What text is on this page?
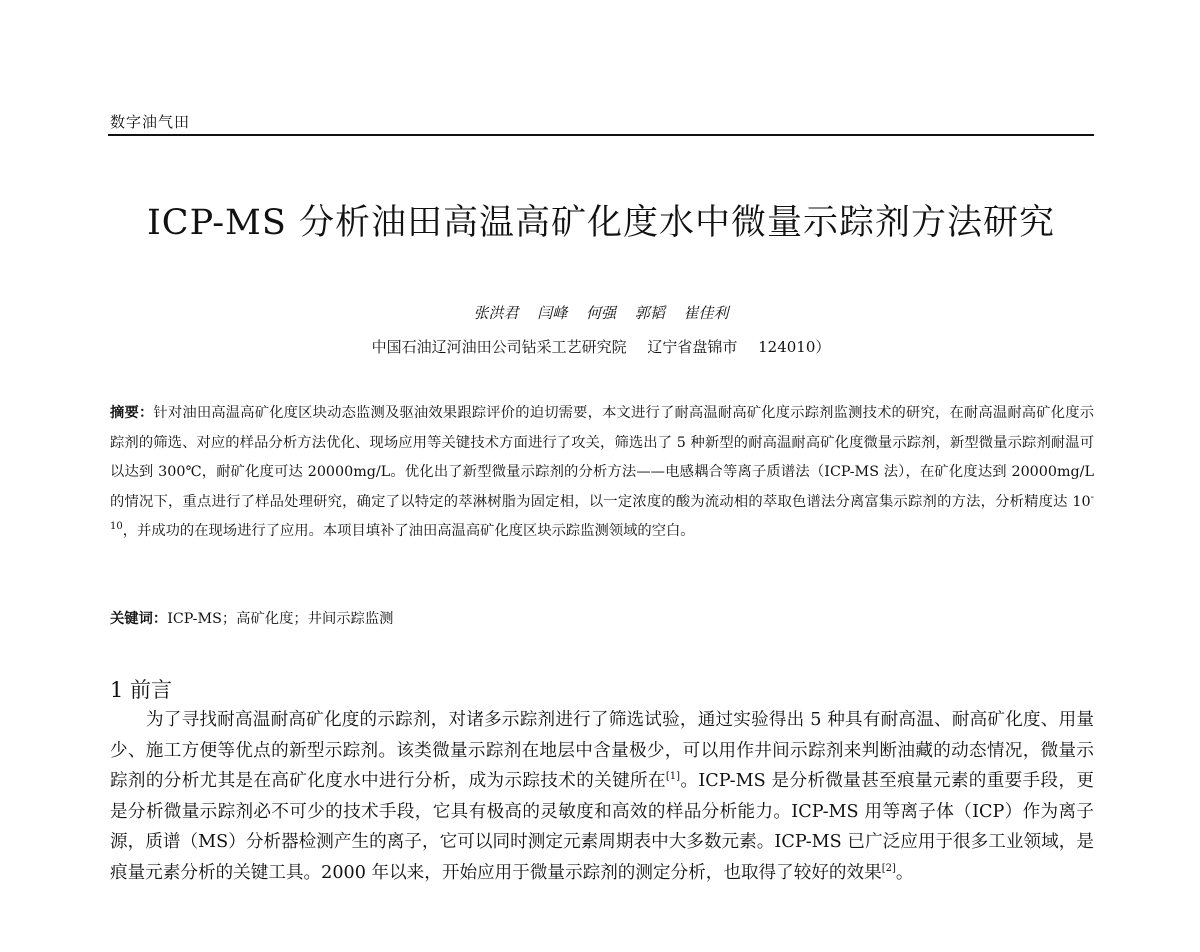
数字油气田
ICP-MS 分析油田高温高矿化度水中微量示踪剂方法研究
张洪君 闫峰 何强 郭韬 崔佳利
中国石油辽河油田公司钻采工艺研究院 辽宁省盘锦市 124010）

摘要：针对油田高温高矿化度区块动态监测及驱油效果跟踪评价的迫切需要，本文进行了耐高温耐高矿化度示踪剂监测技术的研究，在耐高温耐高矿化度示踪剂的筛选、对应的样品分析方法优化、现场应用等关键技术方面进行了攻关，筛选出了 5 种新型的耐高温耐高矿化度微量示踪剂，新型微量示踪剂耐温可以达到 300℃，耐矿化度可达 20000mg/L。优化出了新型微量示踪剂的分析方法——电感耦合等离子质谱法（ICP-MS 法），在矿化度达到 20000mg/L 的情况下，重点进行了样品处理研究，确定了以特定的萃淋树脂为固定相，以一定浓度的酸为流动相的萃取色谱法分离富集示踪剂的方法，分析精度达 $10^{-10}$，并成功的在现场进行了应用。本项目填补了油田高温高矿化度区块示踪监测领域的空白。

关键词：ICP-MS；高矿化度；井间示踪监测

1 前言

为了寻找耐高温耐高矿化度的示踪剂，对诸多示踪剂进行了筛选试验，通过实验得出 5 种具有耐高温、耐高矿化度、用量少、施工方便等优点的新型示踪剂。该类微量示踪剂在地层中含量极少，可以用作井间示踪剂来判断油藏的动态情况，微量示踪剂的分析尤其是在高矿化度水中进行分析，成为示踪技术的关键所在[1]。ICP-MS 是分析微量甚至痕量元素的重要手段，更是分析微量示踪剂必不可少的技术手段，它具有极高的灵敏度和高效的样品分析能力。ICP-MS 用等离子体（ICP）作为离子源，质谱（MS）分析器检测产生的离子，它可以同时测定元素周期表中大多数元素。ICP-MS 已广泛应用于很多工业领域，是痕量元素分析的关键工具。2000 年以来，开始应用于微量示踪剂的测定分析，也取得了较好的效果[2]。
